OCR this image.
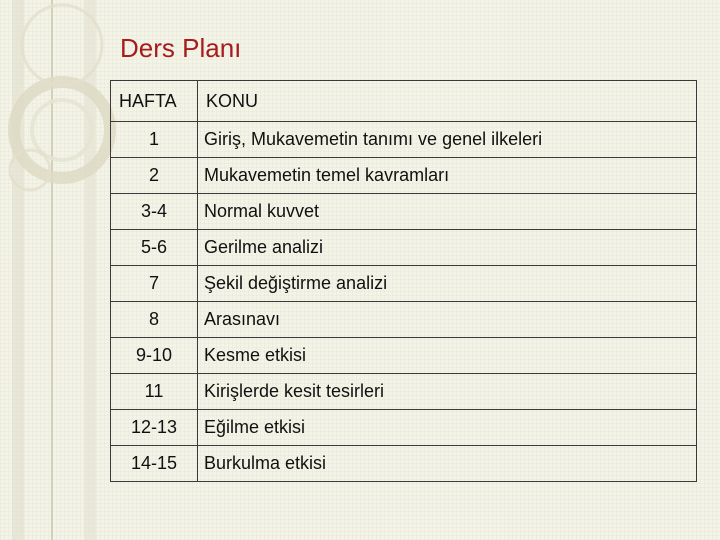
Ders Planı
HAFTA	KONU
1	Giriş, Mukavemetin tanımı ve genel ilkeleri
2	Mukavemetin temel kavramları
3-4	Normal kuvvet
5-6	Gerilme analizi
7	Şekil değiştirme analizi
8	Arasınavı
9-10	Kesme etkisi
11	Kirişlerde kesit tesirleri
12-13	Eğilme etkisi
14-15	Burkulma etkisi
